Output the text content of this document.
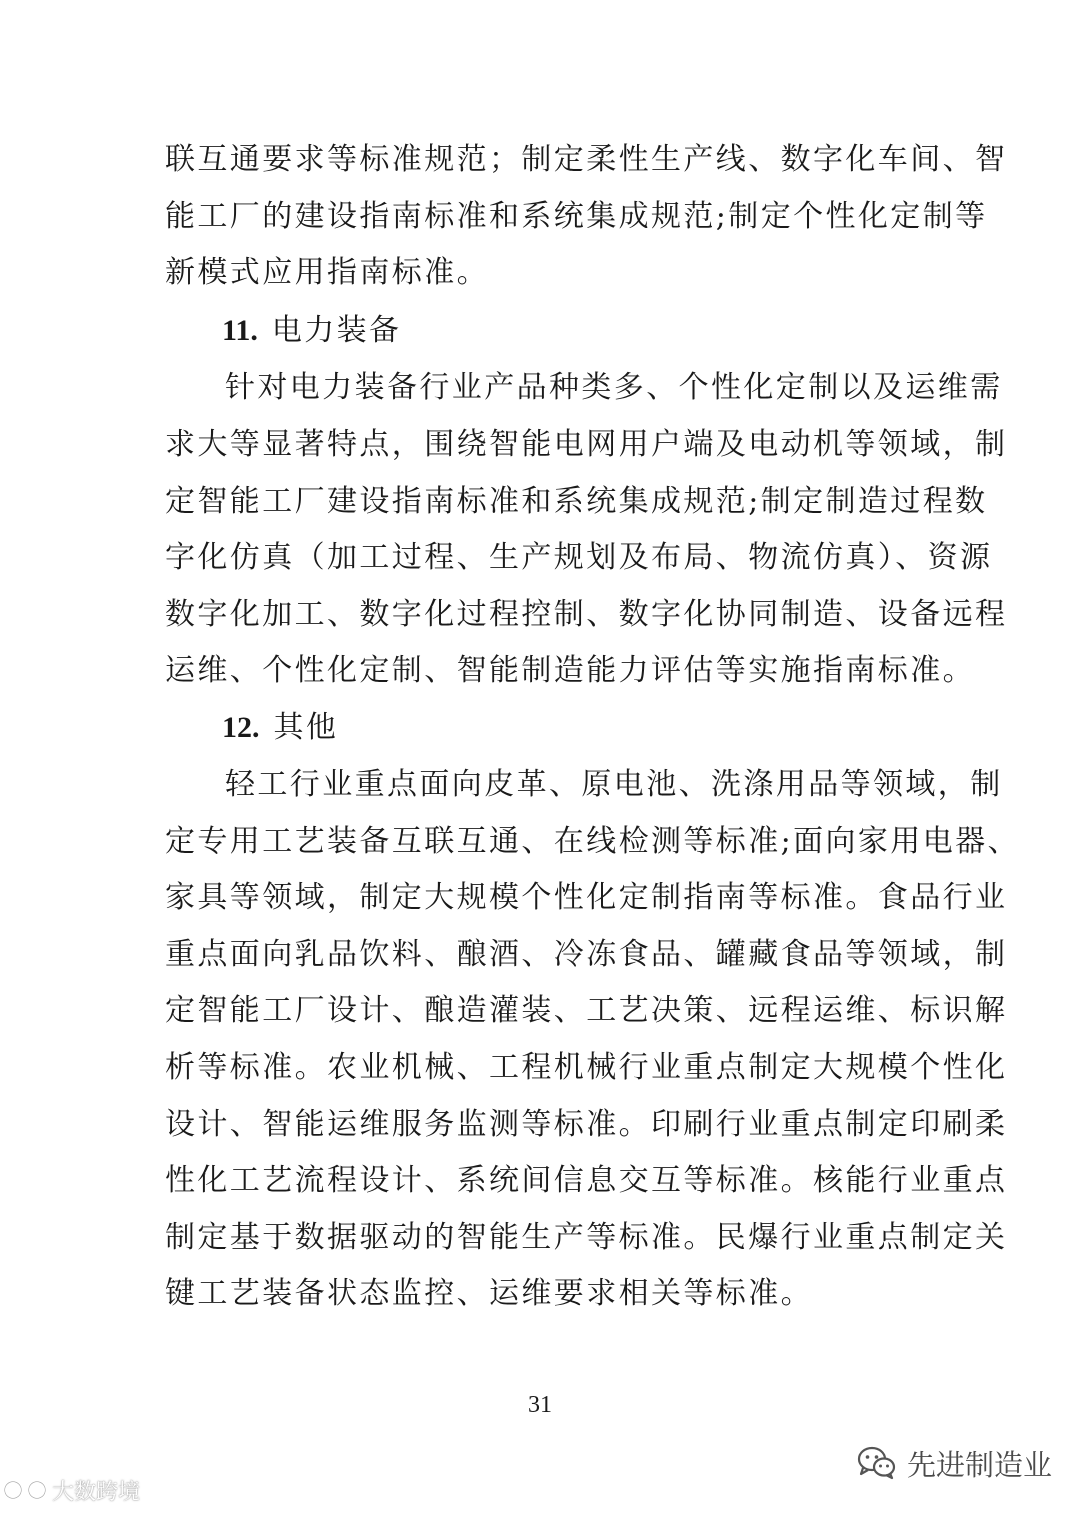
联互通要求等标准规范；制定柔性生产线、数字化车间、智
能工厂的建设指南标准和系统集成规范;制定个性化定制等
新模式应用指南标准。
11. 电力装备
针对电力装备行业产品种类多、个性化定制以及运维需
求大等显著特点，围绕智能电网用户端及电动机等领域，制
定智能工厂建设指南标准和系统集成规范;制定制造过程数
字化仿真（加工过程、生产规划及布局、物流仿真）、资源
数字化加工、数字化过程控制、数字化协同制造、设备远程
运维、个性化定制、智能制造能力评估等实施指南标准。
12. 其他
轻工行业重点面向皮革、原电池、洗涤用品等领域，制
定专用工艺装备互联互通、在线检测等标准;面向家用电器、
家具等领域，制定大规模个性化定制指南等标准。食品行业
重点面向乳品饮料、酿酒、冷冻食品、罐藏食品等领域，制
定智能工厂设计、酿造灌装、工艺决策、远程运维、标识解
析等标准。农业机械、工程机械行业重点制定大规模个性化
设计、智能运维服务监测等标准。印刷行业重点制定印刷柔
性化工艺流程设计、系统间信息交互等标准。核能行业重点
制定基于数据驱动的智能生产等标准。民爆行业重点制定关
键工艺装备状态监控、运维要求相关等标准。
31
大数跨境
先进制造业
